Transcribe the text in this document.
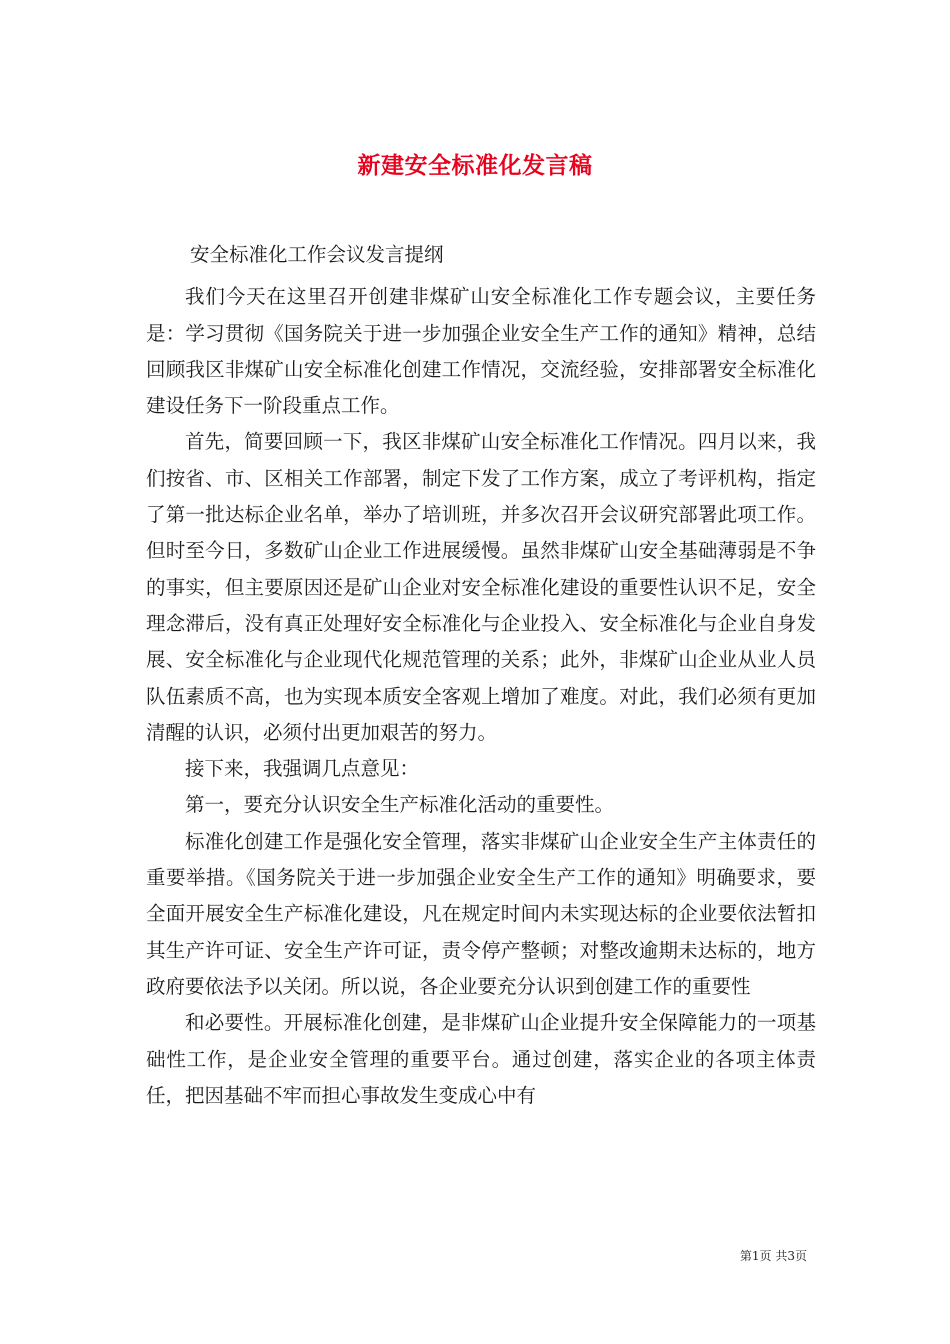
新建安全标准化发言稿

安全标准化工作会议发言提纲

我们今天在这里召开创建非煤矿山安全标准化工作专题会议，主要任务是：学习贯彻《国务院关于进一步加强企业安全生产工作的通知》精神，总结回顾我区非煤矿山安全标准化创建工作情况，交流经验，安排部署安全标准化建设任务下一阶段重点工作。

首先，简要回顾一下，我区非煤矿山安全标准化工作情况。四月以来，我们按省、市、区相关工作部署，制定下发了工作方案，成立了考评机构，指定了第一批达标企业名单，举办了培训班，并多次召开会议研究部署此项工作。但时至今日，多数矿山企业工作进展缓慢。虽然非煤矿山安全基础薄弱是不争的事实，但主要原因还是矿山企业对安全标准化建设的重要性认识不足，安全理念滞后，没有真正处理好安全标准化与企业投入、安全标准化与企业自身发展、安全标准化与企业现代化规范管理的关系；此外，非煤矿山企业从业人员队伍素质不高，也为实现本质安全客观上增加了难度。对此，我们必须有更加清醒的认识，必须付出更加艰苦的努力。

接下来，我强调几点意见：

第一，要充分认识安全生产标准化活动的重要性。

标准化创建工作是强化安全管理，落实非煤矿山企业安全生产主体责任的重要举措。《国务院关于进一步加强企业安全生产工作的通知》明确要求，要全面开展安全生产标准化建设，凡在规定时间内未实现达标的企业要依法暂扣其生产许可证、安全生产许可证，责令停产整顿；对整改逾期未达标的，地方政府要依法予以关闭。所以说，各企业要充分认识到创建工作的重要性

和必要性。开展标准化创建，是非煤矿山企业提升安全保障能力的一项基础性工作，是企业安全管理的重要平台。通过创建，落实企业的各项主体责任，把因基础不牢而担心事故发生变成心中有

第1页 共3页
